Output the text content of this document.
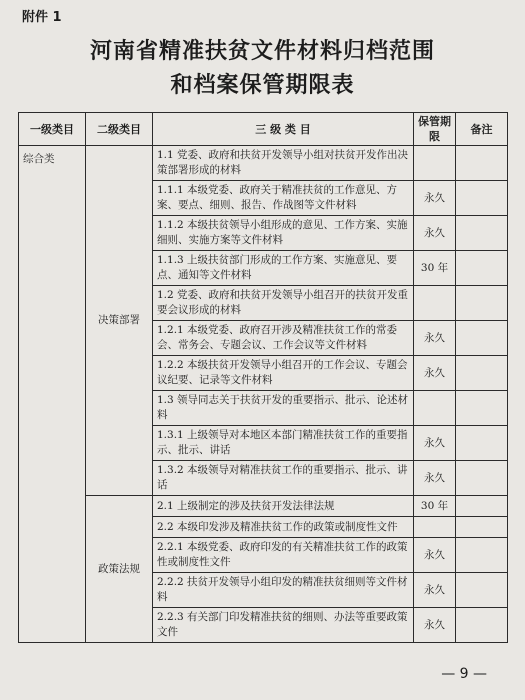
附件 1
河南省精准扶贫文件材料归档范围
和档案保管期限表
一级类目	二级类目	三 级 类 目	保管期限	备注
综合类	决策部署	1.1 党委、政府和扶贫开发领导小组对扶贫开发作出决策部署形成的材料		
		1.1.1 本级党委、政府关于精准扶贫的工作意见、方案、要点、细则、报告、作战图等文件材料	永久	
		1.1.2 本级扶贫领导小组形成的意见、工作方案、实施细则、实施方案等文件材料	永久	
		1.1.3 上级扶贫部门形成的工作方案、实施意见、要点、通知等文件材料	30 年	
		1.2 党委、政府和扶贫开发领导小组召开的扶贫开发重要会议形成的材料		
		1.2.1 本级党委、政府召开涉及精准扶贫工作的常委会、常务会、专题会议、工作会议等文件材料	永久	
		1.2.2 本级扶贫开发领导小组召开的工作会议、专题会议纪要、记录等文件材料	永久	
		1.3 领导同志关于扶贫开发的重要指示、批示、论述材料		
		1.3.1 上级领导对本地区本部门精准扶贫工作的重要指示、批示、讲话	永久	
		1.3.2 本级领导对精准扶贫工作的重要指示、批示、讲话	永久	
	政策法规	2.1 上级制定的涉及扶贫开发法律法规	30 年	
		2.2 本级印发涉及精准扶贫工作的政策或制度性文件		
		2.2.1 本级党委、政府印发的有关精准扶贫工作的政策性或制度性文件	永久	
		2.2.2 扶贫开发领导小组印发的精准扶贫细则等文件材料	永久	
		2.2.3 有关部门印发精准扶贫的细则、办法等重要政策文件	永久	
— 9 —
